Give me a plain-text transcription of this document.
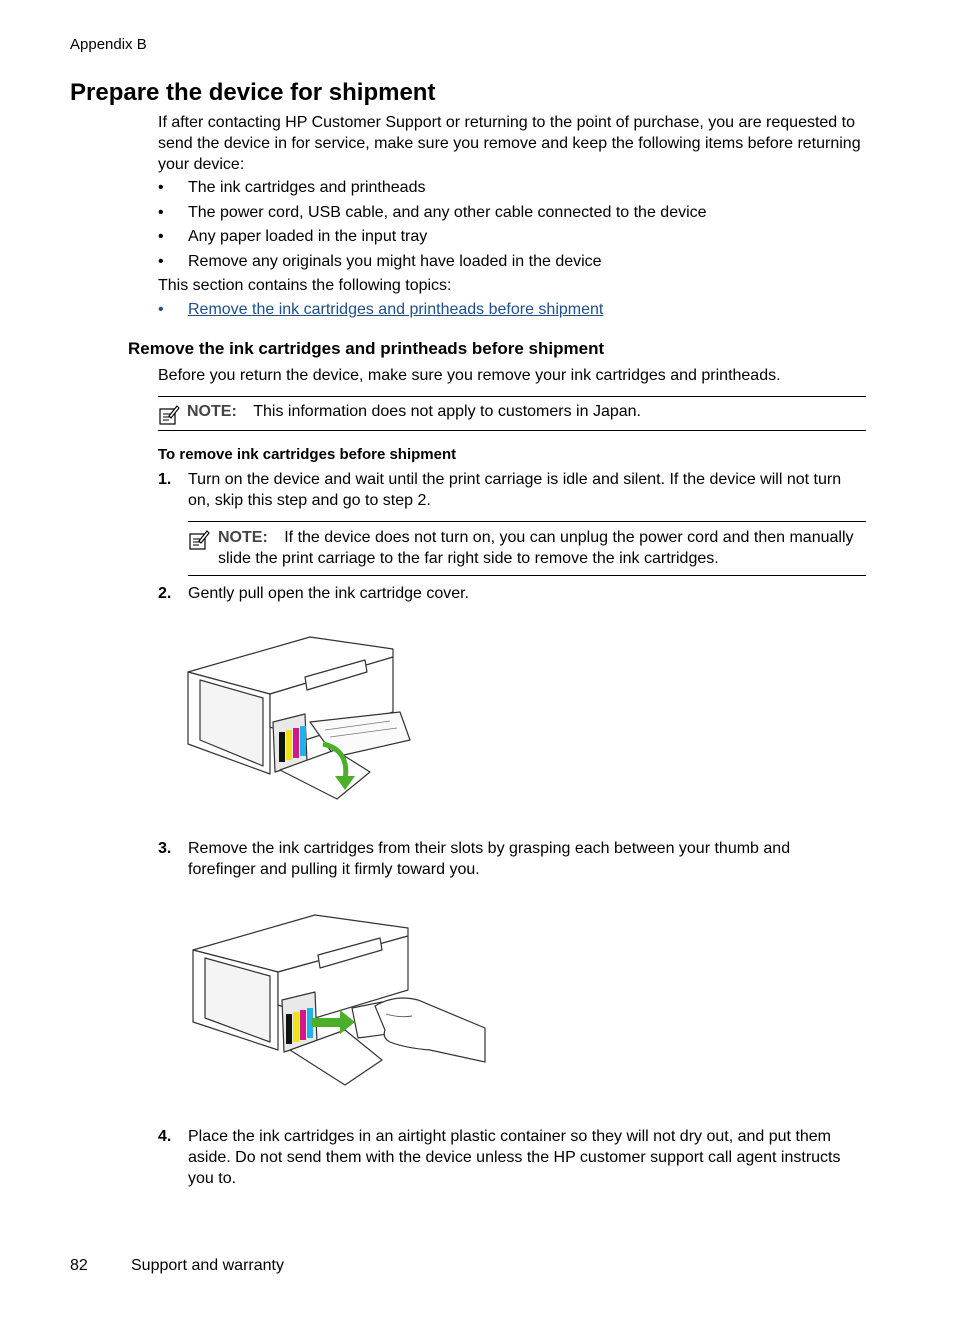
Appendix B
Prepare the device for shipment
If after contacting HP Customer Support or returning to the point of purchase, you are requested to send the device in for service, make sure you remove and keep the following items before returning your device:
• The ink cartridges and printheads
• The power cord, USB cable, and any other cable connected to the device
• Any paper loaded in the input tray
• Remove any originals you might have loaded in the device
This section contains the following topics:
• Remove the ink cartridges and printheads before shipment
Remove the ink cartridges and printheads before shipment
Before you return the device, make sure you remove your ink cartridges and printheads.
NOTE: This information does not apply to customers in Japan.
To remove ink cartridges before shipment
1. Turn on the device and wait until the print carriage is idle and silent. If the device will not turn on, skip this step and go to step 2.
NOTE: If the device does not turn on, you can unplug the power cord and then manually slide the print carriage to the far right side to remove the ink cartridges.
2. Gently pull open the ink cartridge cover.
3. Remove the ink cartridges from their slots by grasping each between your thumb and forefinger and pulling it firmly toward you.
4. Place the ink cartridges in an airtight plastic container so they will not dry out, and put them aside. Do not send them with the device unless the HP customer support call agent instructs you to.
82	Support and warranty
